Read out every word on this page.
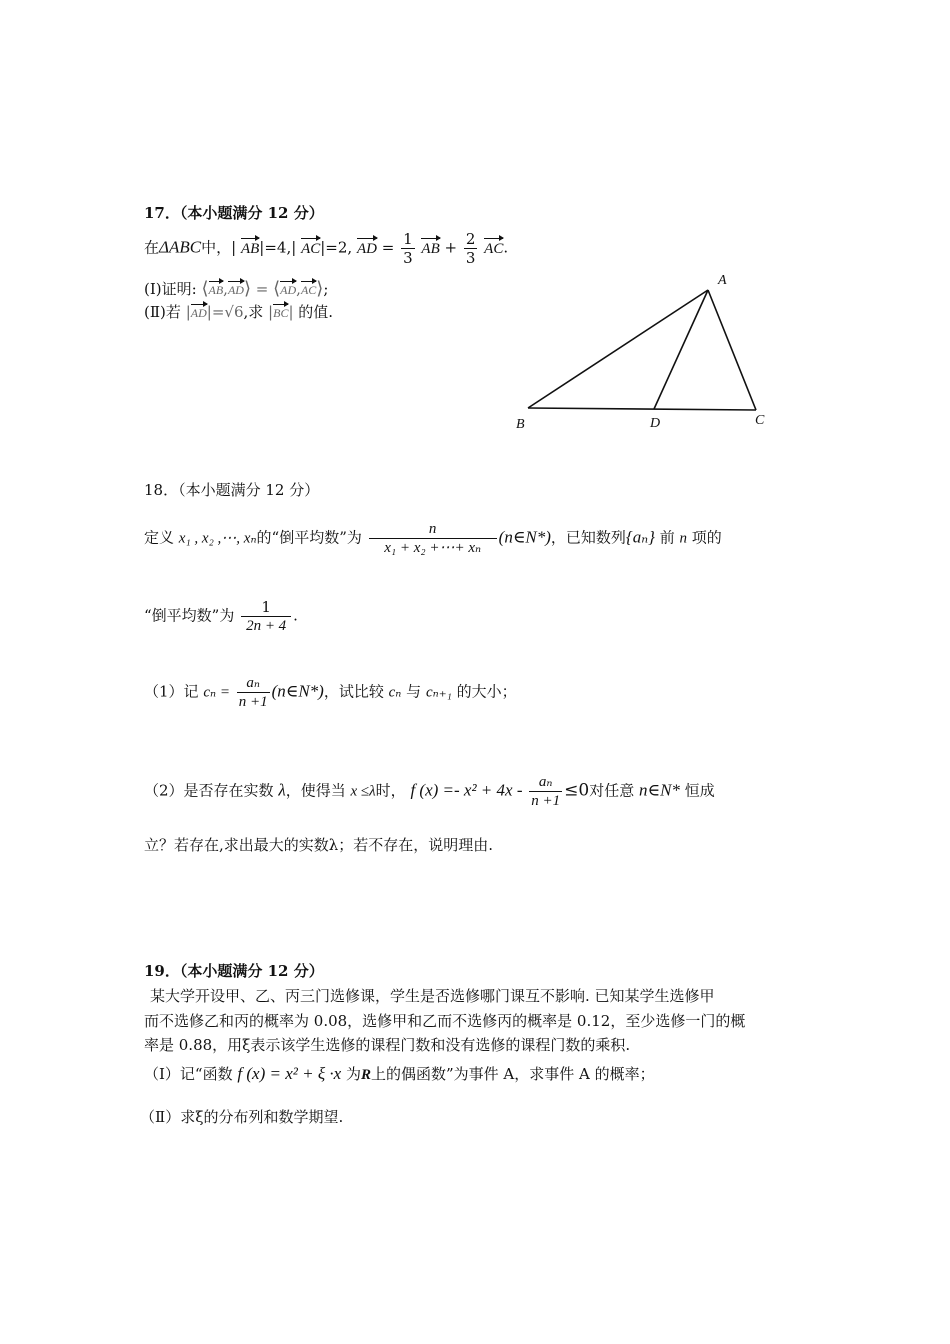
17．（本小题满分 12 分）
在ΔABC中，| AB|=4,| AC|=2, AD = $\frac{1}{3}$ AB + $\frac{2}{3}$ AC.
(Ⅰ)证明: ⟨AB,AD⟩ = ⟨AD,AC⟩;
(Ⅱ)若 |AD|=√6,求 |BC| 的值.
A
B	D	C
18．（本小题满分 12 分）
定义 x₁ , x₂ ,⋯, xₙ的“倒平均数”为 $\frac{n}{\text{x₁ + x₂ +⋯+ xₙ}}$ (n∈N*)，已知数列{aₙ} 前 n 项的
“倒平均数”为 $\frac{1}{2n + 4}$ .
（1）记 $c_n = \frac{\text{aₙ}}{n +1}$ (n∈N*)，试比较 cₙ 与 cₙ₊₁ 的大小；
（2）是否存在实数 λ，使得当 x ≤λ时， f $(x) =- x^2 + 4x - \frac{\text{aₙ}}{n +1} \le 0$对任意 n∈N* 恒成
立？若存在,求出最大的实数λ；若不存在，说明理由.
19．（本小题满分 12 分）
某大学开设甲、乙、丙三门选修课，学生是否选修哪门课互不影响. 已知某学生选修甲
而不选修乙和丙的概率为 0.08，选修甲和乙而不选修丙的概率是 0.12，至少选修一门的概
率是 0.88，用ξ表示该学生选修的课程门数和没有选修的课程门数的乘积.
（Ⅰ）记“函数 f (x) = x² + ξ ·x 为R上的偶函数”为事件 A，求事件 A 的概率；
（Ⅱ）求ξ的分布列和数学期望.
